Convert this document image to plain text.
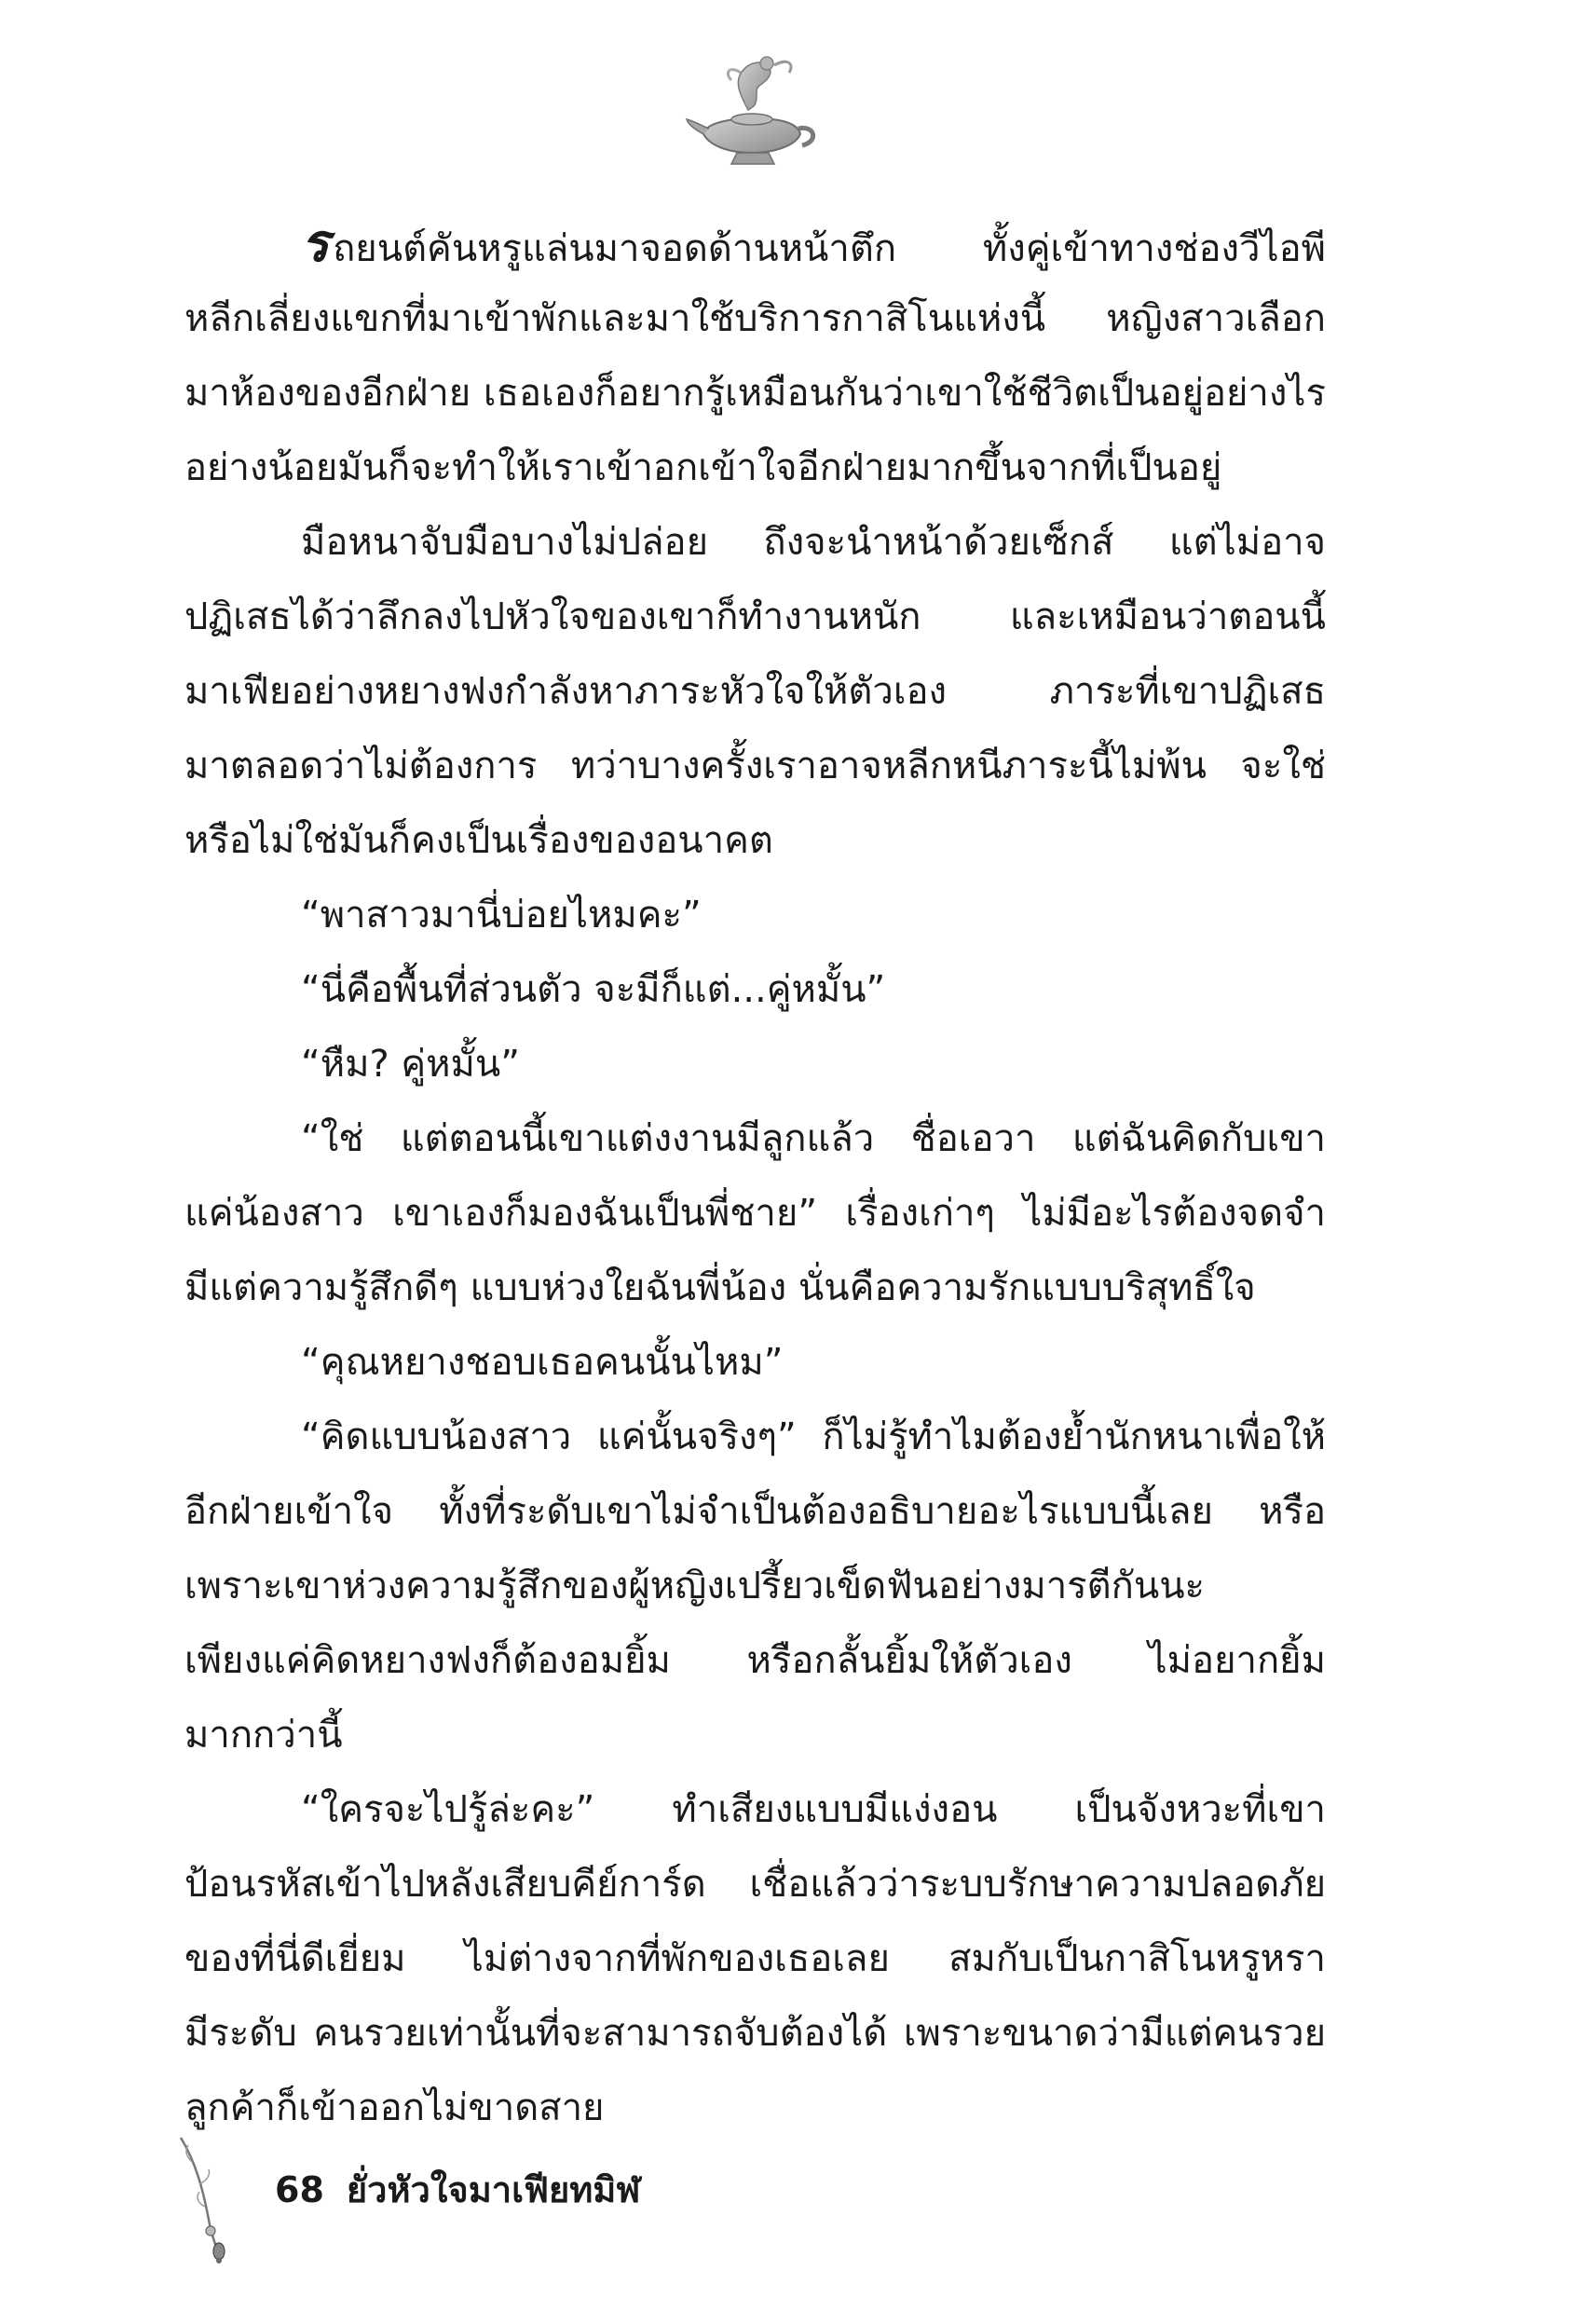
ร ถยนต์คันหรูแล่นมาจอดด้านหน้าตึก ทั้งคู่เข้าทางช่องวีไอพี
หลีกเลี่ยงแขกที่มาเข้าพักและมาใช้บริการกาสิโนแห่งนี้ หญิงสาวเลือก
มาห้องของอีกฝ่าย เธอเองก็อยากรู้เหมือนกันว่าเขาใช้ชีวิตเป็นอยู่อย่างไร
อย่างน้อยมันก็จะทำให้เราเข้าอกเข้าใจอีกฝ่ายมากขึ้นจากที่เป็นอยู่
มือหนาจับมือบางไม่ปล่อย ถึงจะนำหน้าด้วยเซ็กส์ แต่ไม่อาจ
ปฏิเสธได้ว่าลึกลงไปหัวใจของเขาก็ทำงานหนัก และเหมือนว่าตอนนี้
มาเฟียอย่างหยางฟงกำลังหาภาระหัวใจให้ตัวเอง ภาระที่เขาปฏิเสธ
มาตลอดว่าไม่ต้องการ ทว่าบางครั้งเราอาจหลีกหนีภาระนี้ไม่พ้น จะใช่
หรือไม่ใช่มันก็คงเป็นเรื่องของอนาคต
“พาสาวมานี่บ่อยไหมคะ”
“นี่คือพื้นที่ส่วนตัว จะมีก็แต่...คู่หมั้น”
“หืม? คู่หมั้น”
“ใช่ แต่ตอนนี้เขาแต่งงานมีลูกแล้ว ชื่อเอวา แต่ฉันคิดกับเขา
แค่น้องสาว เขาเองก็มองฉันเป็นพี่ชาย” เรื่องเก่าๆ ไม่มีอะไรต้องจดจำ
มีแต่ความรู้สึกดีๆ แบบห่วงใยฉันพี่น้อง นั่นคือความรักแบบบริสุทธิ์ใจ
“คุณหยางชอบเธอคนนั้นไหม”
“คิดแบบน้องสาว แค่นั้นจริงๆ” ก็ไม่รู้ทำไมต้องย้ำนักหนาเพื่อให้
อีกฝ่ายเข้าใจ ทั้งที่ระดับเขาไม่จำเป็นต้องอธิบายอะไรแบบนี้เลย หรือ
เพราะเขาห่วงความรู้สึกของผู้หญิงเปรี้ยวเข็ดฟันอย่างมารตีกันนะ
เพียงแค่คิดหยางฟงก็ต้องอมยิ้ม หรือกลั้นยิ้มให้ตัวเอง ไม่อยากยิ้ม
มากกว่านี้
“ใครจะไปรู้ล่ะคะ” ทำเสียงแบบมีแง่งอน เป็นจังหวะที่เขา
ป้อนรหัสเข้าไปหลังเสียบคีย์การ์ด เชื่อแล้วว่าระบบรักษาความปลอดภัย
ของที่นี่ดีเยี่ยม ไม่ต่างจากที่พักของเธอเลย สมกับเป็นกาสิโนหรูหรา
มีระดับ คนรวยเท่านั้นที่จะสามารถจับต้องได้ เพราะขนาดว่ามีแต่คนรวย
ลูกค้าก็เข้าออกไม่ขาดสาย
68 ยั่วหัวใจมาเฟียทมิฬ
